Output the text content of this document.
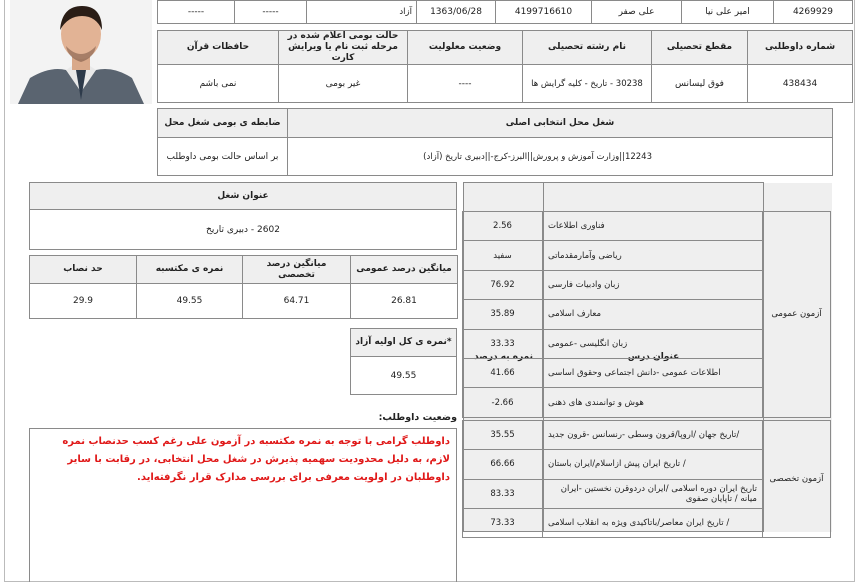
4269929	امیر علی نیا	علی صفر	4199716610	1363/06/28	آزاد	-----	-----
شماره داوطلبی	مقطع تحصیلی	نام رشته تحصیلی	وضعیت معلولیت	حالت بومی اعلام شده در مرحله ثبت نام یا ویرایش کارت	حافظات قرآن
438434	فوق لیسانس	30238 - تاریخ - کلیه گرایش ها	----	غیر بومی	نمی باشم
شغل محل انتخابی اصلی	ضابطه ی بومی شغل محل
12243||وزارت آموزش و پرورش||البرز-کرج-||دبیری تاریخ (آزاد)	بر اساس حالت بومی داوطلب
عنوان شغل
2602 - دبیری تاریخ
میانگین درصد عمومی	میانگین درصد تخصصی	نمره ی مکتسبه	حد نصاب
26.81	64.71	49.55	29.9
*نمره ی کل اولیه آزاد
49.55
وضعیت داوطلب:
داوطلب گرامی با توجه به نمره مکتسبه در آزمون علی رغم کسب حدنصاب نمره لازم، به دلیل محدودیت سهمیه پذیرش در شغل محل انتخابی، در رقابت با سایر داوطلبان در اولویت معرفی برای بررسی مدارک قرار نگرفته‌اید.
	عنوان درس	نمره به درصد
2.56	فناوری اطلاعات
سفید	ریاضی وآمارمقدماتی
76.92	زبان وادبیات فارسی
35.89	معارف اسلامی
33.33	زبان انگلیسی -عمومی
41.66	اطلاعات عمومی -دانش اجتماعی وحقوق اساسی
-2.66	هوش و توانمندی های ذهنی
آزمون عمومی
35.55	/تاریخ جهان /اروپا/قرون وسطی -رنسانس -قرون جدید
66.66	/ تاریخ ایران پیش ازاسلام/ایران باستان
83.33	تاریخ ایران دوره اسلامی /ایران دردوقرن نخستین -ایران میانه / تاپایان صفوی
73.33	/ تاریخ ایران معاصر/باتاکیدی ویژه به انقلاب اسلامی
آزمون تخصصی
